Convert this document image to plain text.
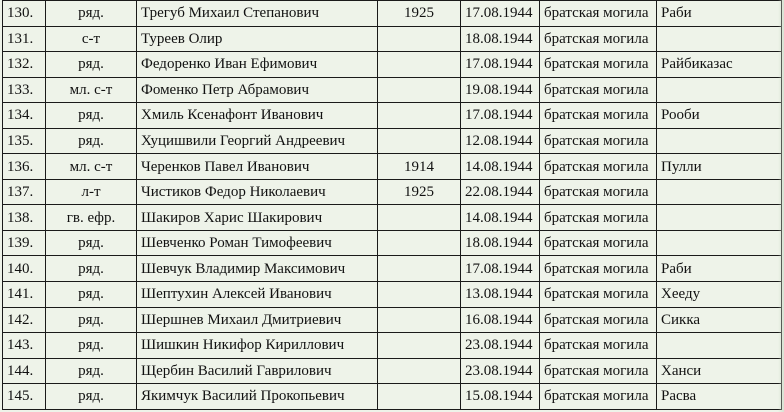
130.	ряд.	Трегуб Михаил Степанович	1925	17.08.1944	братская могила	Раби
131.	с-т	Туреев Олир		18.08.1944	братская могила	
132.	ряд.	Федоренко Иван Ефимович		17.08.1944	братская могила	Райбиказас
133.	мл. с-т	Фоменко Петр Абрамович		19.08.1944	братская могила	
134.	ряд.	Хмиль Ксенафонт Иванович		17.08.1944	братская могила	Рооби
135.	ряд.	Хуцишвили Георгий Андреевич		12.08.1944	братская могила	
136.	мл. с-т	Черенков Павел Иванович	1914	14.08.1944	братская могила	Пулли
137.	л-т	Чистиков Федор Николаевич	1925	22.08.1944	братская могила	
138.	гв. ефр.	Шакиров Харис Шакирович		14.08.1944	братская могила	
139.	ряд.	Шевченко Роман Тимофеевич		18.08.1944	братская могила	
140.	ряд.	Шевчук Владимир Максимович		17.08.1944	братская могила	Раби
141.	ряд.	Шептухин Алексей Иванович		13.08.1944	братская могила	Хееду
142.	ряд.	Шершнев Михаил Дмитриевич		16.08.1944	братская могила	Сикка
143.	ряд.	Шишкин Никифор Кириллович		23.08.1944	братская могила	
144.	ряд.	Щербин Василий Гаврилович		23.08.1944	братская могила	Ханси
145.	ряд.	Якимчук Василий Прокопьевич		15.08.1944	братская могила	Расва
